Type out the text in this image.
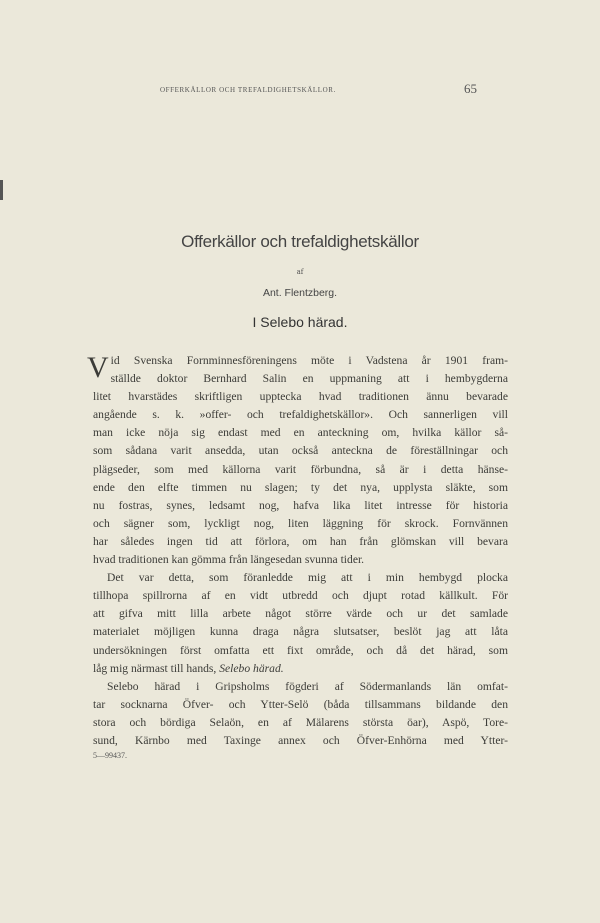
OFFERKÄLLOR OCH TREFALDIGHETSKÄLLOR.	65
Offerkällor och trefaldighetskällor
af
Ant. Flentzberg.
I Selebo härad.
V id Svenska Fornminnesföreningens möte i Vadstena år 1901 fram-
ställde doktor Bernhard Salin en uppmaning att i hembygderna
litet hvarstädes skriftligen upptecka hvad traditionen ännu bevarade
angående s. k. »offer- och trefaldighetskällor». Och sannerligen vill
man icke nöja sig endast med en anteckning om, hvilka källor så-
som sådana varit ansedda, utan också anteckna de föreställningar och
plägseder, som med källorna varit förbundna, så är i detta hänse-
ende den elfte timmen nu slagen; ty det nya, upplysta släkte, som
nu fostras, synes, ledsamt nog, hafva lika litet intresse för historia
och sägner som, lyckligt nog, liten läggning för skrock. Fornvännen
har således ingen tid att förlora, om han från glömskan vill bevara
hvad traditionen kan gömma från längesedan svunna tider.
Det var detta, som föranledde mig att i min hembygd plocka
tillhopa spillrorna af en vidt utbredd och djupt rotad källkult. För
att gifva mitt lilla arbete något större värde och ur det samlade
materialet möjligen kunna draga några slutsatser, beslöt jag att låta
undersökningen först omfatta ett fixt område, och då det härad, som
låg mig närmast till hands, Selebo härad.
Selebo härad i Gripsholms fögderi af Södermanlands län omfat-
tar socknarna Öfver- och Ytter-Selö (båda tillsammans bildande den
stora och bördiga Selaön, en af Mälarens största öar), Aspö, Tore-
sund, Kärnbo med Taxinge annex och Öfver-Enhörna med Ytter-
5—99437.
